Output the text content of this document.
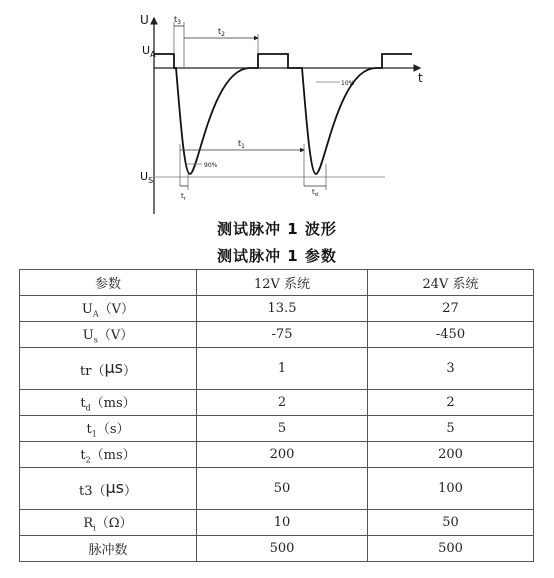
U
t
$U_A$
$U_S$
10%
90%
$t_3$
$t_2$
$t_1$
$t_r$
$t_d$
测试脉冲 1 波形
测试脉冲 1 参数
参数	12V 系统	24V 系统
$U_A(V)$	13.5	27
$U_s(V)$	-75	-450
tr（μs）	1	3
$t_d(ms)$	2	2
$t_1(s)$	5	5
$t_2(ms)$	200	200
t3（μs）	50	100
$R_i(\Omega)$	10	50
脉冲数	500	500
